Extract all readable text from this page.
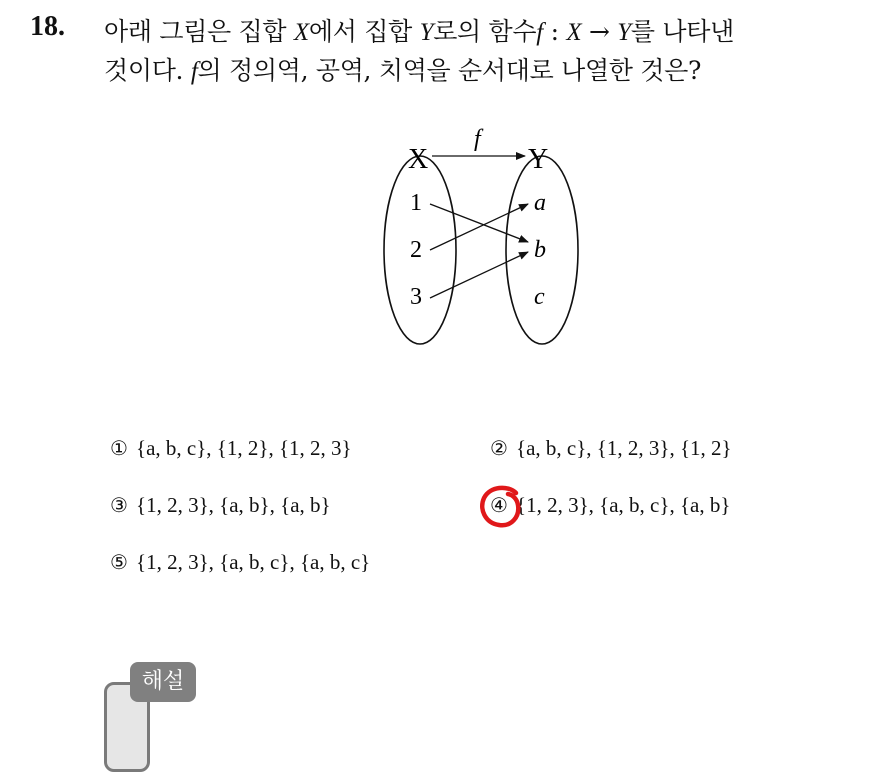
18. 아래 그림은 집합 X에서 집합 Y로의 함수f : X → Y를 나타낸
것이다. f의 정의역, 공역, 치역을 순서대로 나열한 것은?
X	Y
f
1
2
3
a
b
c
① {a, b, c}, {1, 2}, {1, 2, 3}	② {a, b, c}, {1, 2, 3}, {1, 2}
③ {1, 2, 3}, {a, b}, {a, b}	④ {1, 2, 3}, {a, b, c}, {a, b}
⑤ {1, 2, 3}, {a, b, c}, {a, b, c}
해설
